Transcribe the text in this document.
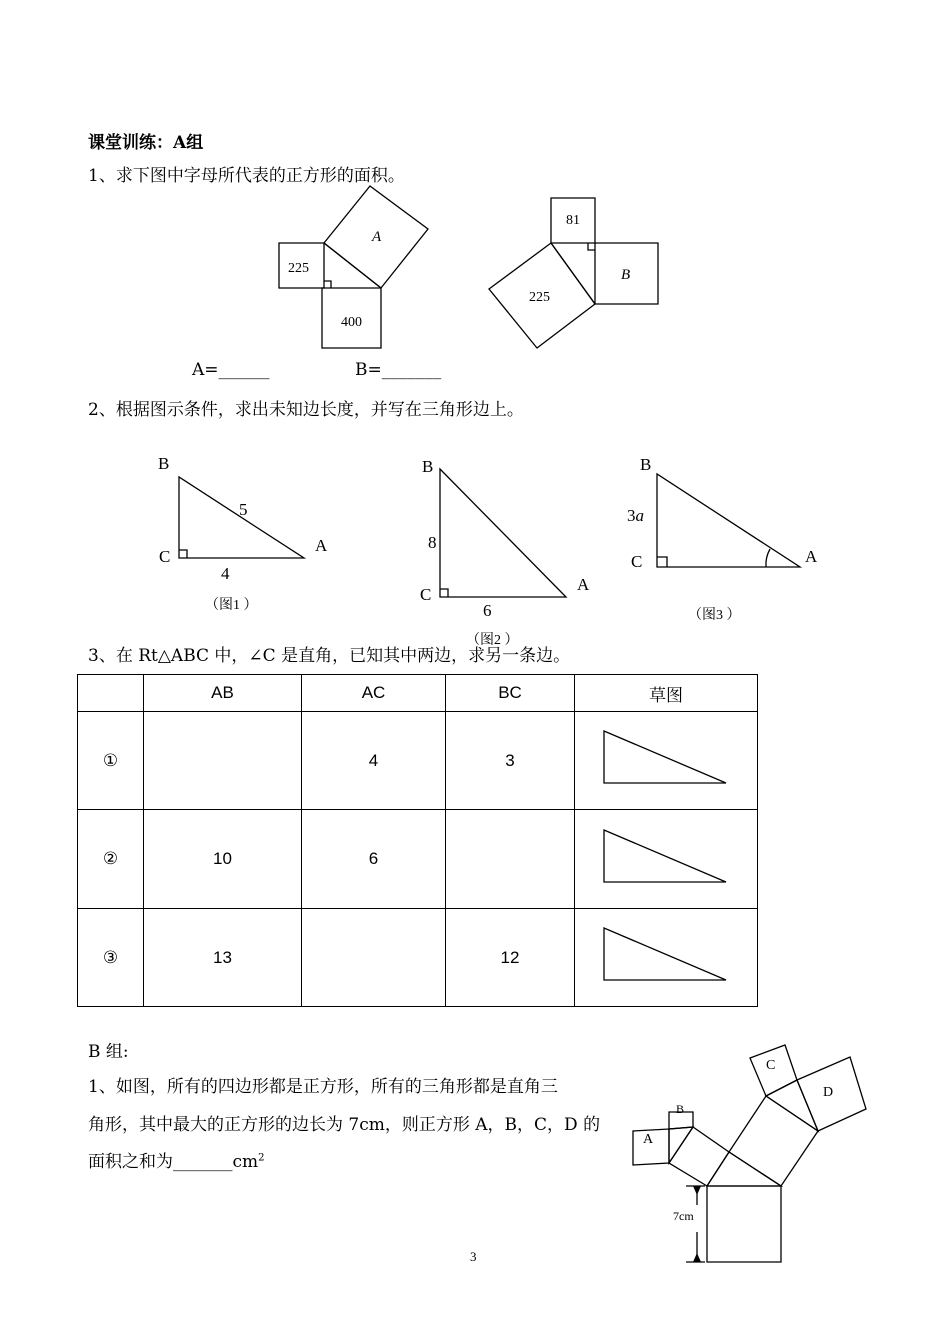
课堂训练：A组
1、求下图中字母所代表的正方形的面积。
A
225
400
81
B
225
A=______	B=_______
2、根据图示条件，求出未知边长度，并写在三角形边上。
B
C
A
5
4
（图1 ）
B
C
A
8
6
（图2 ）
B
C	A
3a
（图3 ）
3、在 Rt△ABC 中，∠C 是直角，已知其中两边，求另一条边。
	AB	AC	BC	草图
①		4	3	
②	10	6		
③	13		12	
B 组:
1、如图，所有的四边形都是正方形，所有的三角形都是直角三
角形，其中最大的正方形的边长为 7cm，则正方形 A，B，C，D 的
面积之和为$\_\_\_\_\_\_\_cm^2$
A
B
C
D
7cm
3
